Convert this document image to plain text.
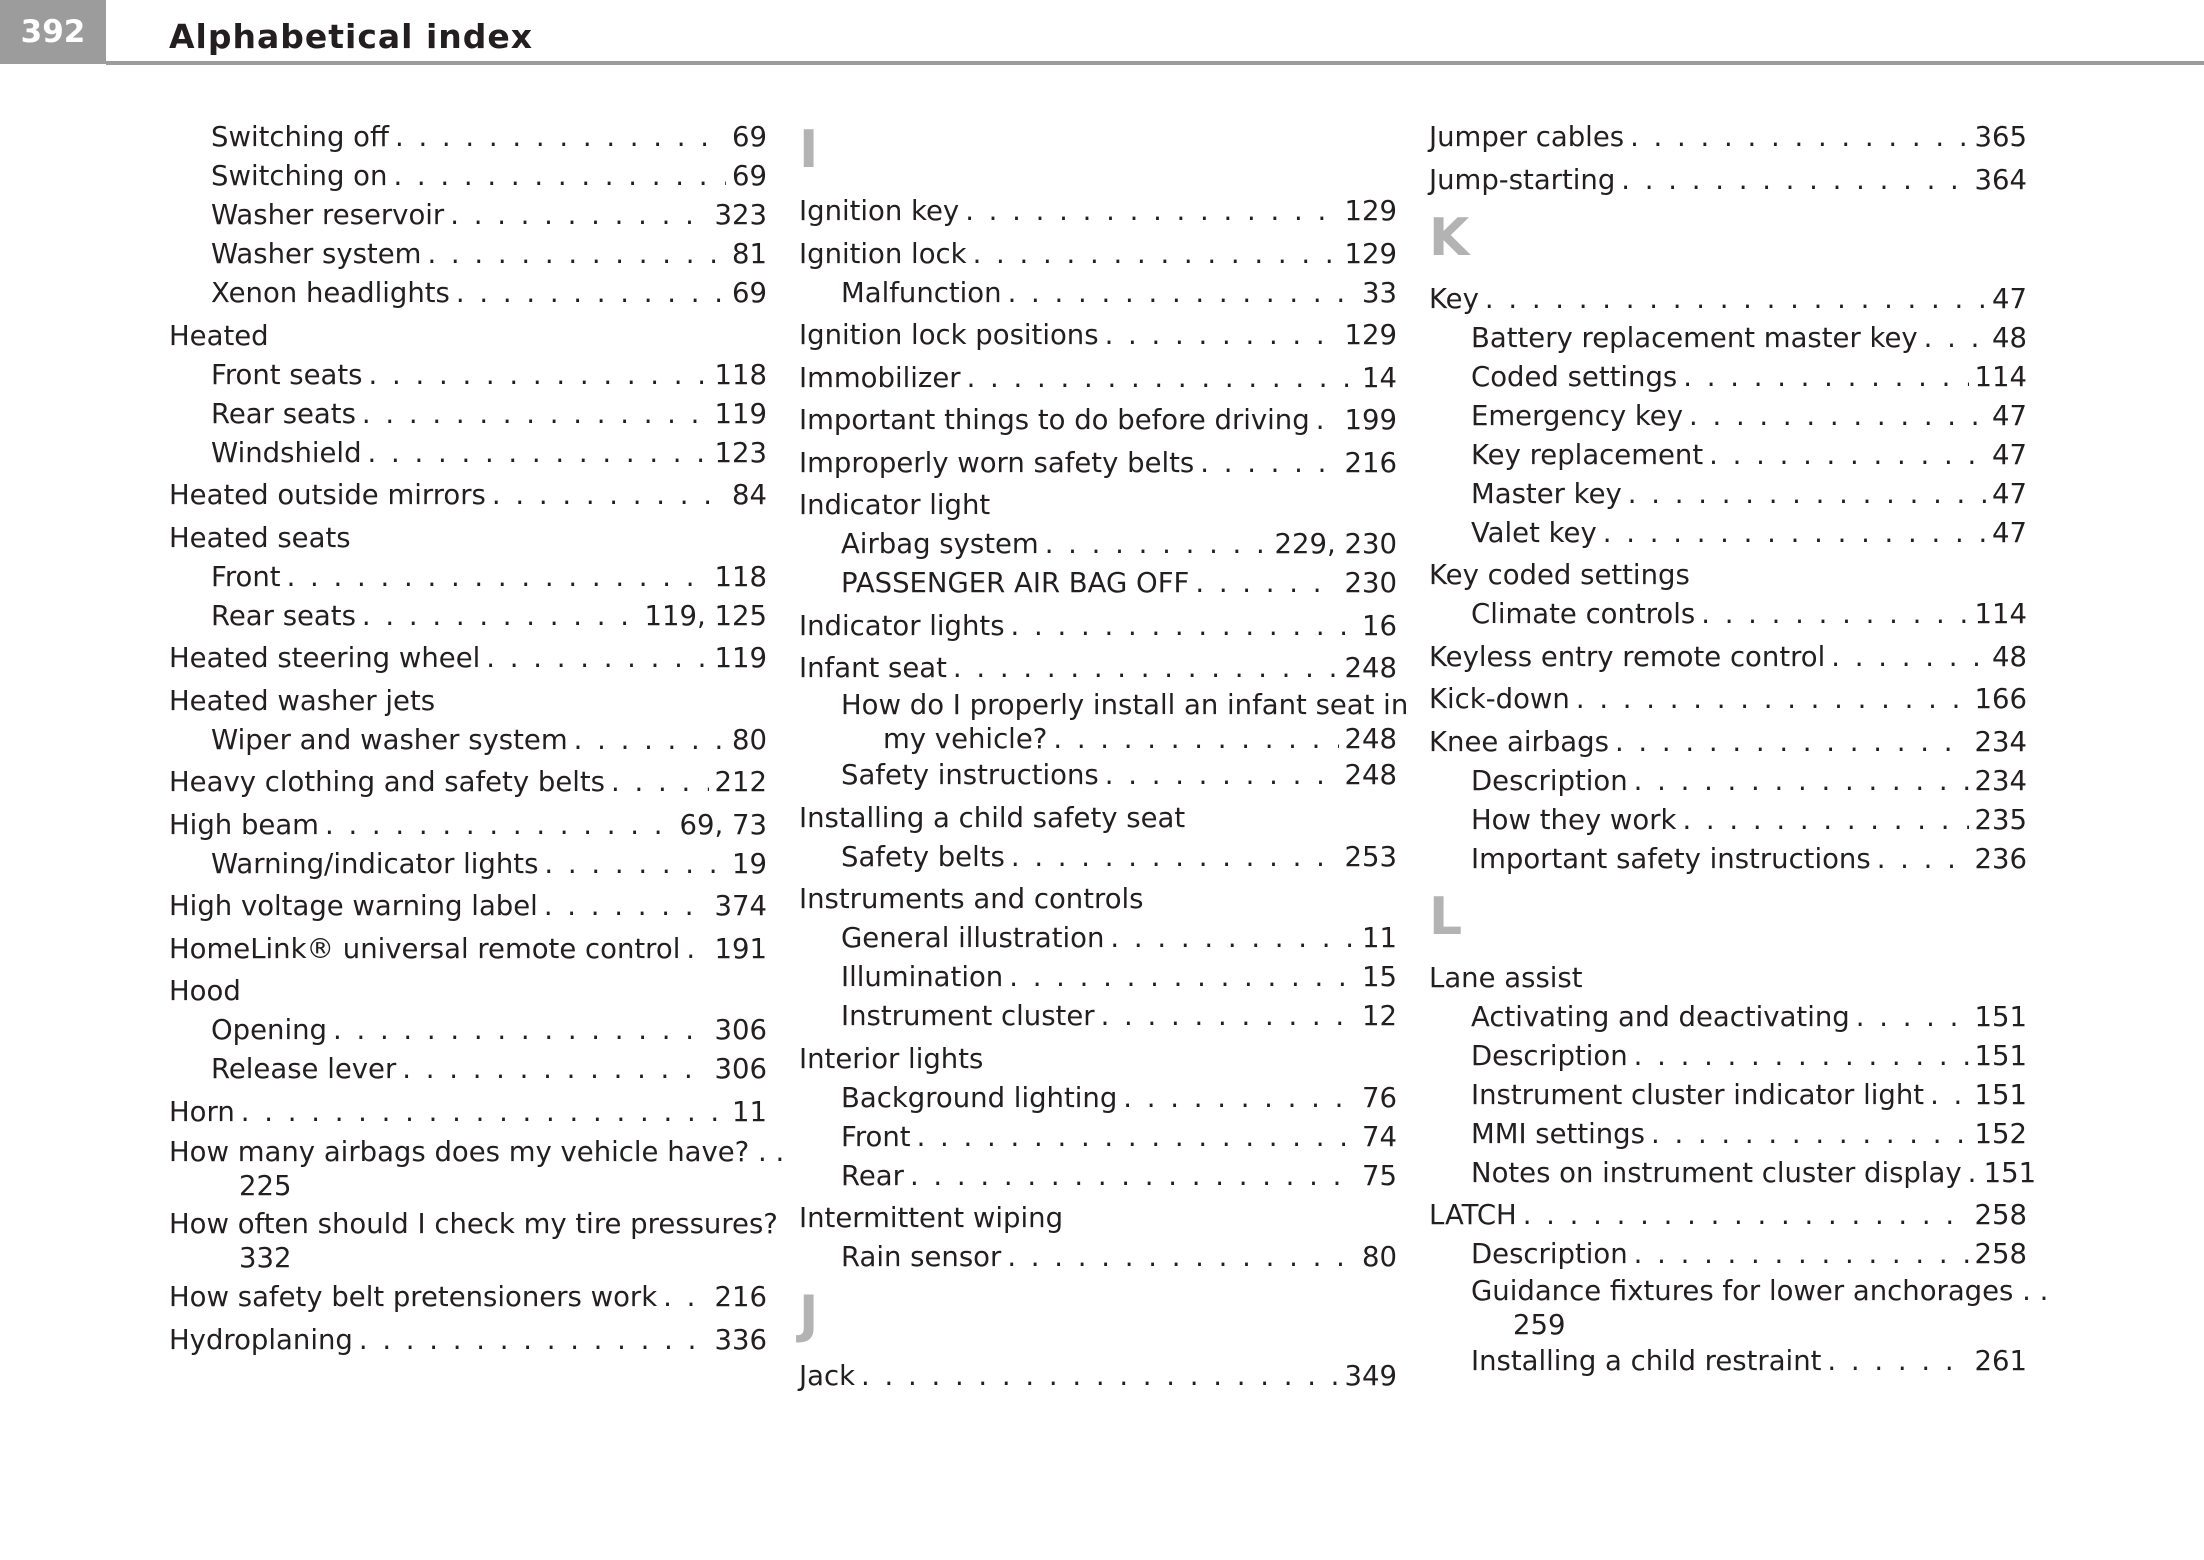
392	Alphabetical index
Switching off . . .	69
Switching on . . .	69
Washer reservoir . . .	323
Washer system . . .	81
Xenon headlights . . .	69
Heated
Front seats . . .	118
Rear seats . . .	119
Windshield . . .	123
Heated outside mirrors . . .	84
Heated seats
Front . . .	118
Rear seats . . .	119, 125
Heated steering wheel . . .	119
Heated washer jets
Wiper and washer system . . .	80
Heavy clothing and safety belts . . .	212
High beam . . .	69, 73
Warning/indicator lights . . .	19
High voltage warning label . . .	374
HomeLink® universal remote control . . . 191
Hood
Opening . . .	306
Release lever . . .	306
Horn . . .	11
How many airbags does my vehicle have? . .
225
How often should I check my tire pressures?
332
How safety belt pretensioners work . . . 216
Hydroplaning . . .	336
I
Ignition key . . .	129
Ignition lock . . .	129
Malfunction . . .	33
Ignition lock positions . . .	129
Immobilizer . . .	14
Important things to do before driving . . . 199
Improperly worn safety belts . . .	216
Indicator light
Airbag system . . .	229, 230
PASSENGER AIR BAG OFF . . .	230
Indicator lights . . .	16
Infant seat . . .	248
How do I properly install an infant seat in
my vehicle? . . .	248
Safety instructions . . .	248
Installing a child safety seat
Safety belts . . .	253
Instruments and controls
General illustration . . .	11
Illumination . . .	15
Instrument cluster . . .	12
Interior lights
Background lighting . . .	76
Front . . .	74
Rear . . .	75
Intermittent wiping
Rain sensor . . .	80
J
Jack . . .	349
Jumper cables . . .	365
Jump-starting . . .	364
K
Key . . .	47
Battery replacement master key . . .	48
Coded settings . . .	114
Emergency key . . .	47
Key replacement . . .	47
Master key . . .	47
Valet key . . .	47
Key coded settings
Climate controls . . .	114
Keyless entry remote control . . .	48
Kick-down . . .	166
Knee airbags . . .	234
Description . . .	234
How they work . . .	235
Important safety instructions . . .	236
L
Lane assist
Activating and deactivating . . .	151
Description . . .	151
Instrument cluster indicator light . . . 151
MMI settings . . .	152
Notes on instrument cluster display . . . 151
LATCH . . .	258
Description . . .	258
Guidance fixtures for lower anchorages . .
259
Installing a child restraint . . .	261
